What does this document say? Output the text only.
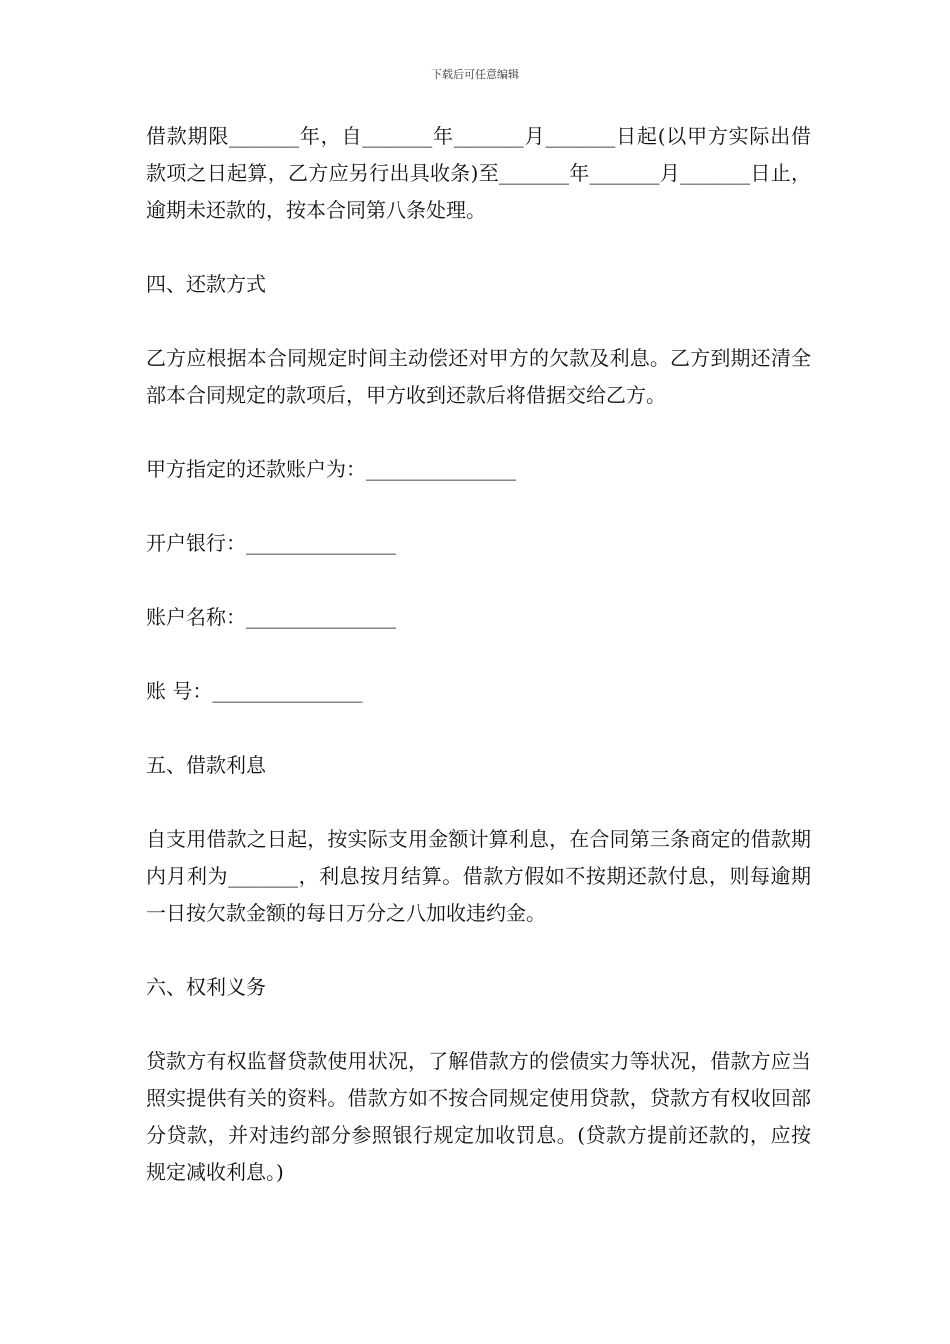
下载后可任意编辑

借款期限_______年，自_______年_______月_______日起(以甲方实际出借款项之日起算，乙方应另行出具收条)至_______年_______月_______日止，逾期未还款的，按本合同第八条处理。

四、还款方式

乙方应根据本合同规定时间主动偿还对甲方的欠款及利息。乙方到期还清全部本合同规定的款项后，甲方收到还款后将借据交给乙方。

甲方指定的还款账户为：_______________

开户银行：_______________

账户名称：_______________

账 号：_______________

五、借款利息

自支用借款之日起，按实际支用金额计算利息，在合同第三条商定的借款期内月利为_______，利息按月结算。借款方假如不按期还款付息，则每逾期一日按欠款金额的每日万分之八加收违约金。

六、权利义务

贷款方有权监督贷款使用状况，了解借款方的偿债实力等状况，借款方应当照实提供有关的资料。借款方如不按合同规定使用贷款，贷款方有权收回部分贷款，并对违约部分参照银行规定加收罚息。(贷款方提前还款的，应按规定减收利息。)
